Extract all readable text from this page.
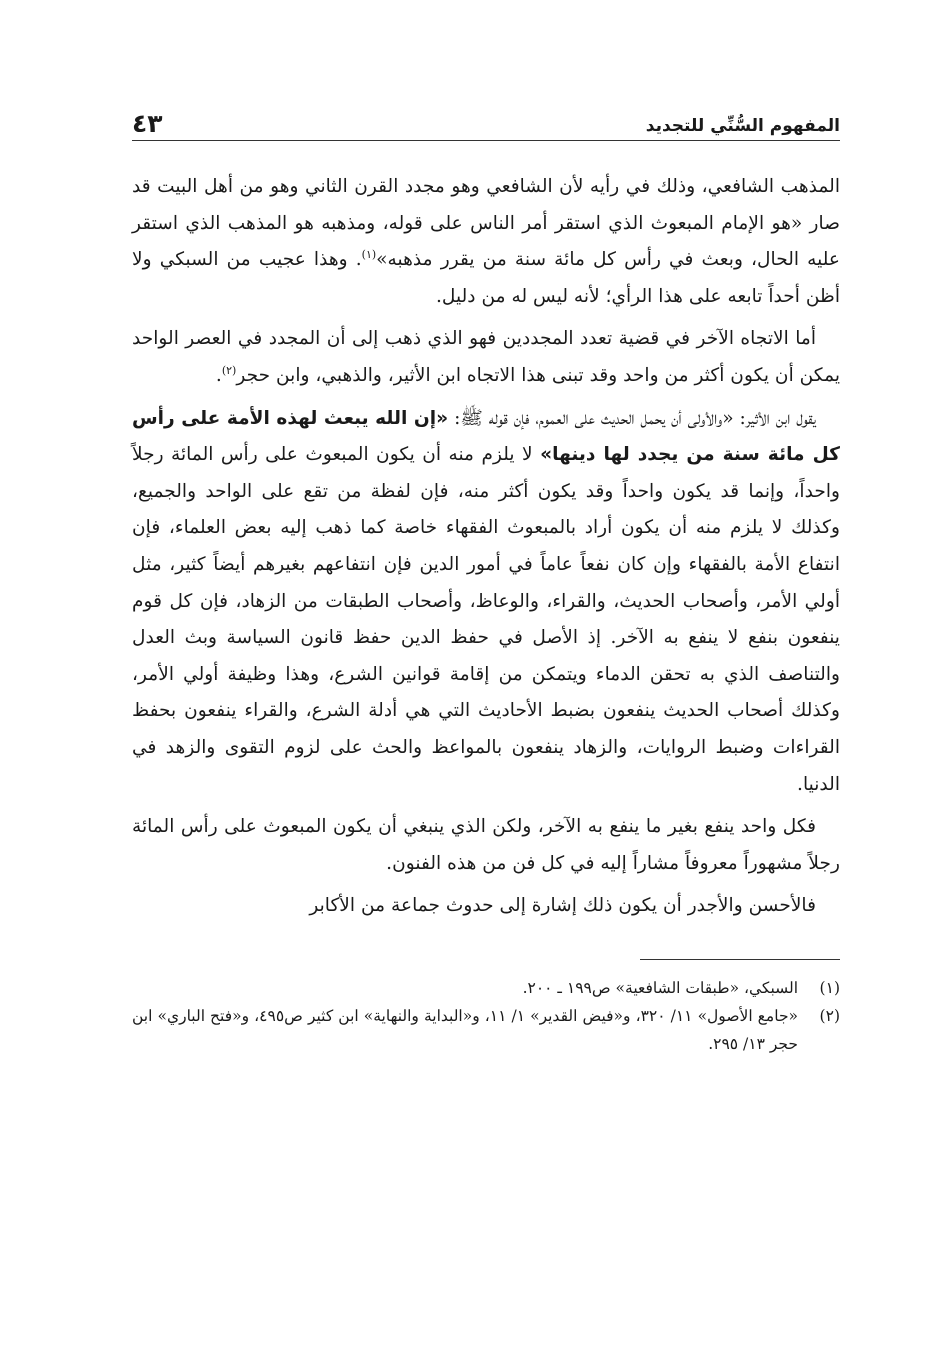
المفهوم السُّنِّي للتجديد
٤٣

المذهب الشافعي، وذلك في رأيه لأن الشافعي وهو مجدد القرن الثاني وهو من أهل البيت قد صار «هو الإمام المبعوث الذي استقر أمر الناس على قوله، ومذهبه هو المذهب الذي استقر عليه الحال، وبعث في رأس كل مائة سنة من يقرر مذهبه»$^{(١)}$. وهذا عجيب من السبكي ولا أظن أحداً تابعه على هذا الرأي؛ لأنه ليس له من دليل.

أما الاتجاه الآخر في قضية تعدد المجددين فهو الذي ذهب إلى أن المجدد في العصر الواحد يمكن أن يكون أكثر من واحد وقد تبنى هذا الاتجاه ابن الأثير، والذهبي، وابن حجر$^{(٢)}$.

يقول ابن الأثير: «والأولى أن يحمل الحديث على العموم، فإن قوله ﷺ: «إن الله يبعث لهذه الأمة على رأس كل مائة سنة من يجدد لها دينها» لا يلزم منه أن يكون المبعوث على رأس المائة رجلاً واحداً، وإنما قد يكون واحداً وقد يكون أكثر منه، فإن لفظة من تقع على الواحد والجميع، وكذلك لا يلزم منه أن يكون أراد بالمبعوث الفقهاء خاصة كما ذهب إليه بعض العلماء، فإن انتفاع الأمة بالفقهاء وإن كان نفعاً عاماً في أمور الدين فإن انتفاعهم بغيرهم أيضاً كثير، مثل أولي الأمر، وأصحاب الحديث، والقراء، والوعاظ، وأصحاب الطبقات من الزهاد، فإن كل قوم ينفعون بنفع لا ينفع به الآخر. إذ الأصل في حفظ الدين حفظ قانون السياسة وبث العدل والتناصف الذي به تحقن الدماء ويتمكن من إقامة قوانين الشرع، وهذا وظيفة أولي الأمر، وكذلك أصحاب الحديث ينفعون بضبط الأحاديث التي هي أدلة الشرع، والقراء ينفعون بحفظ القراءات وضبط الروايات، والزهاد ينفعون بالمواعظ والحث على لزوم التقوى والزهد في الدنيا.

فكل واحد ينفع بغير ما ينفع به الآخر، ولكن الذي ينبغي أن يكون المبعوث على رأس المائة رجلاً مشهوراً معروفاً مشاراً إليه في كل فن من هذه الفنون.

فالأحسن والأجدر أن يكون ذلك إشارة إلى حدوث جماعة من الأكابر

(١)
السبكي، «طبقات الشافعية» ص١٩٩ ـ ٢٠٠.
(٢)
«جامع الأصول» ١١/ ٣٢٠، و«فيض القدير» ١/ ١١، و«البداية والنهاية» ابن كثير ص٤٩٥، و«فتح الباري» ابن حجر ١٣/ ٢٩٥.
